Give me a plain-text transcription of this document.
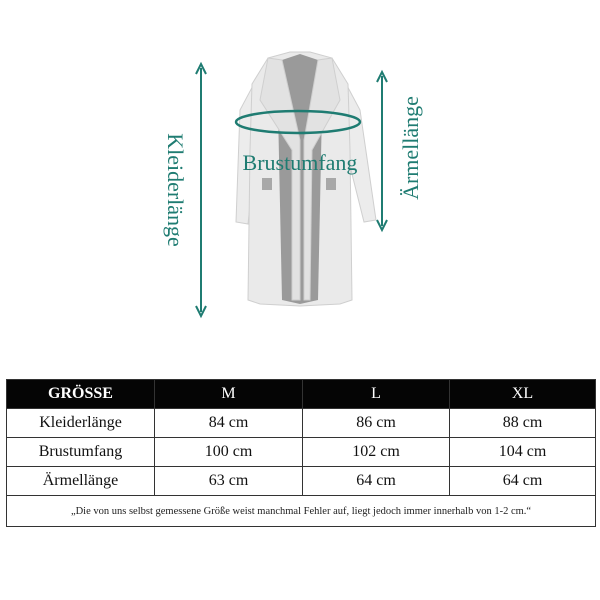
Kleiderlänge Brustumfang Ärmellänge
GRÖSSE	M	L	XL
Kleiderlänge	84 cm	86 cm	88 cm
Brustumfang	100 cm	102 cm	104 cm
Ärmellänge	63 cm	64 cm	64 cm
„Die von uns selbst gemessene Größe weist manchmal Fehler auf, liegt jedoch immer innerhalb von 1-2 cm.“			
